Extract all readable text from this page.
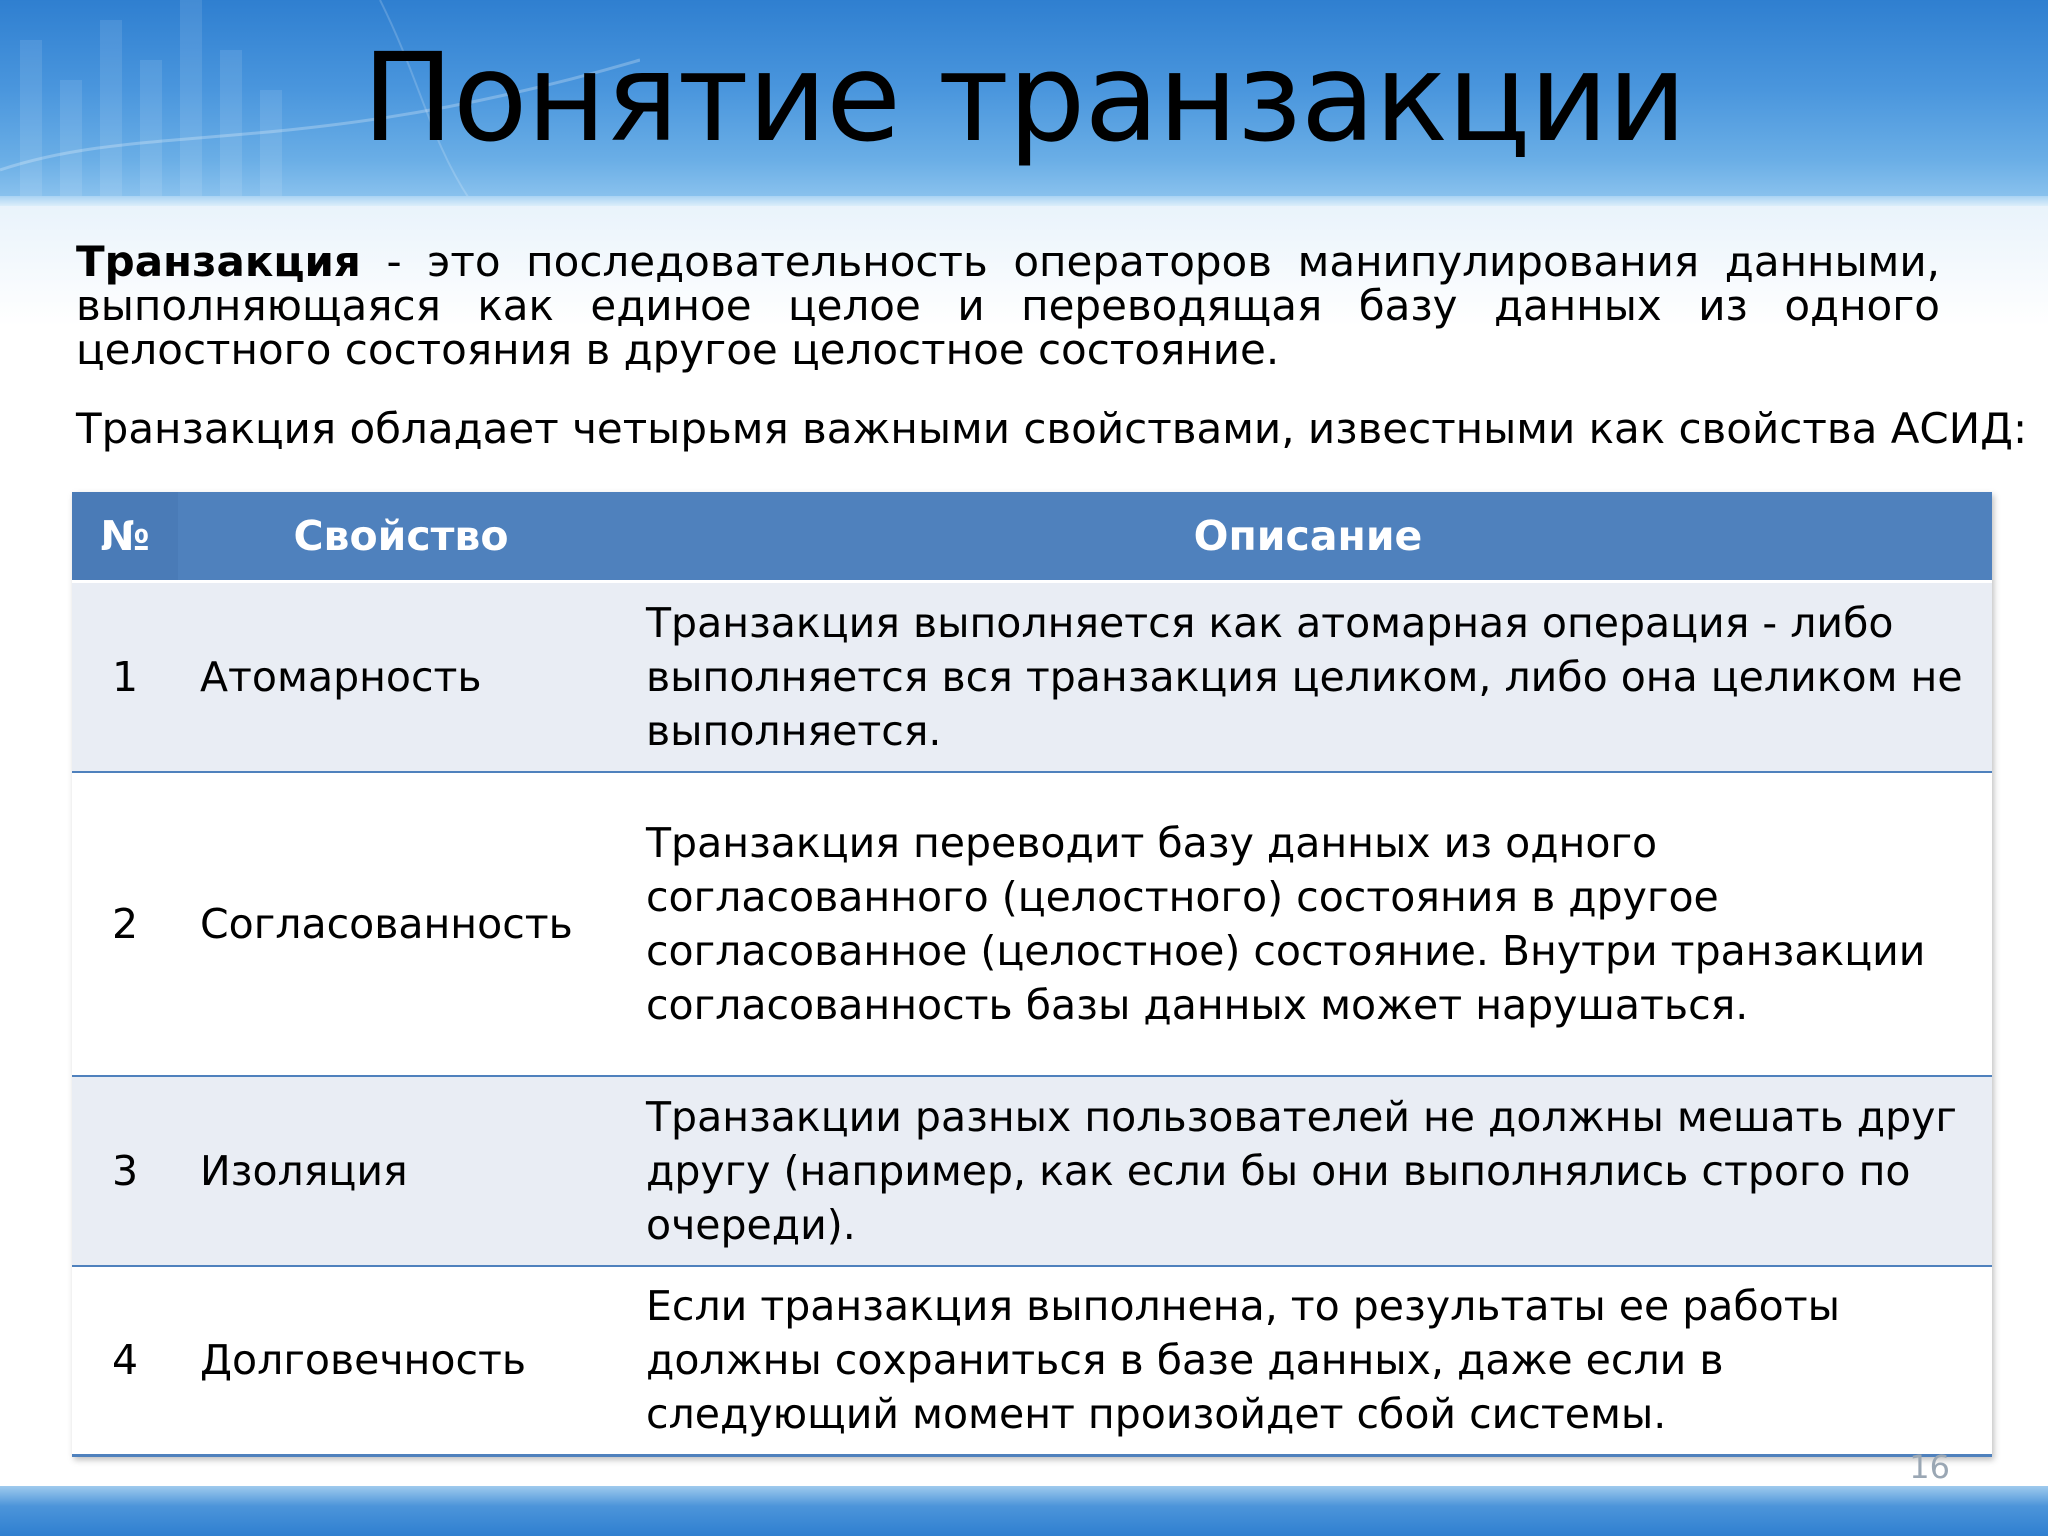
Понятие транзакции

Транзакция - это последовательность операторов манипулирования данными, выполняющаяся как единое целое и переводящая базу данных из одного целостного состояния в другое целостное состояние.

Транзакция обладает четырьмя важными свойствами, известными как свойства АСИД:

№	Свойство	Описание
1	Атомарность	Транзакция выполняется как атомарная операция - либо выполняется вся транзакция целиком, либо она целиком не выполняется.
2	Согласованность	Транзакция переводит базу данных из одного согласованного (целостного) состояния в другое согласованное (целостное) состояние. Внутри транзакции согласованность базы данных может нарушаться.
3	Изоляция	Транзакции разных пользователей не должны мешать друг другу (например, как если бы они выполнялись строго по очереди).
4	Долговечность	Если транзакция выполнена, то результаты ее работы должны сохраниться в базе данных, даже если в следующий момент произойдет сбой системы.
16
